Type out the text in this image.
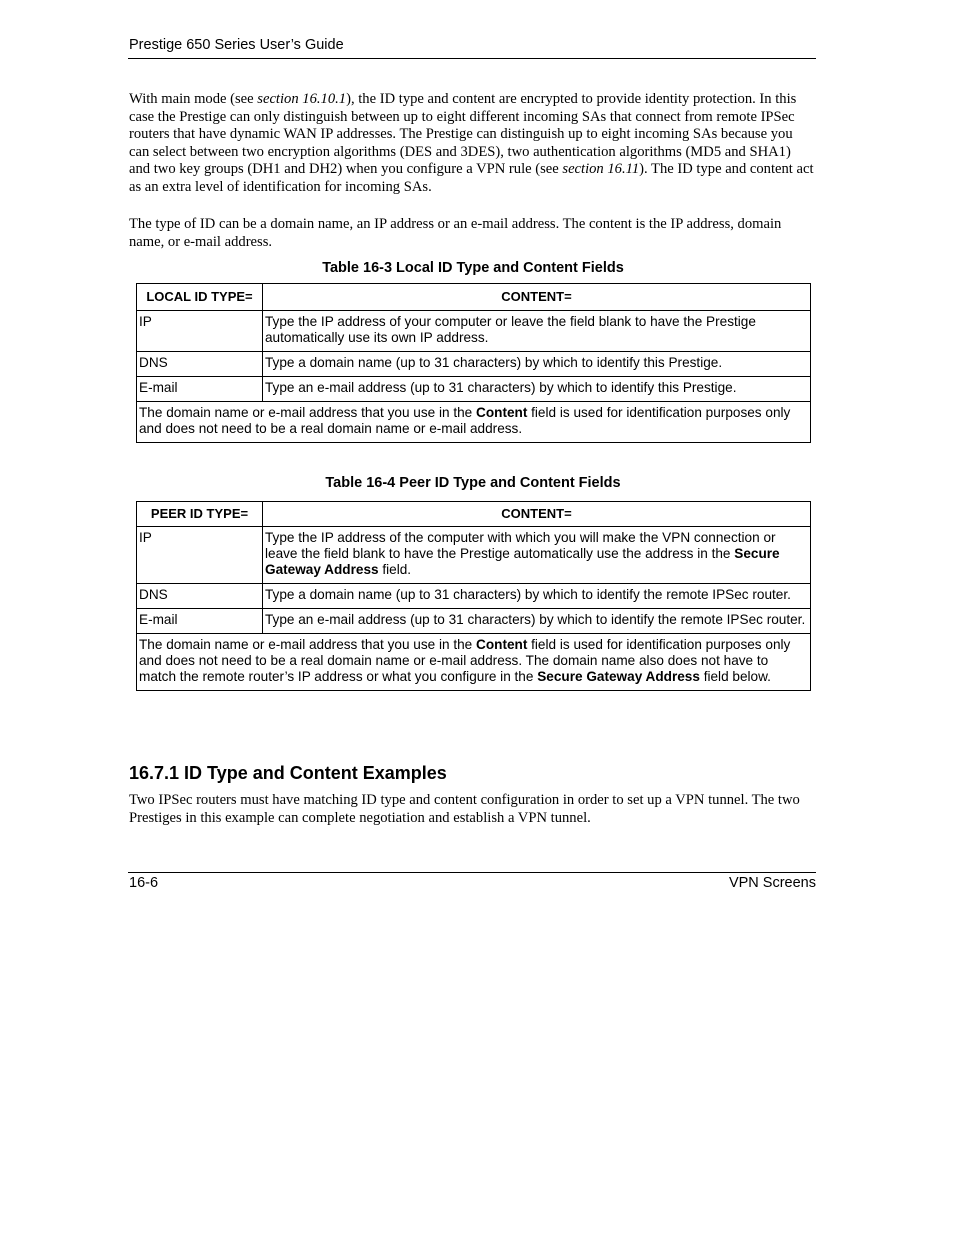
Prestige 650 Series User’s Guide
With main mode (see section 16.10.1), the ID type and content are encrypted to provide identity protection. In this case the Prestige can only distinguish between up to eight different incoming SAs that connect from remote IPSec routers that have dynamic WAN IP addresses. The Prestige can distinguish up to eight incoming SAs because you can select between two encryption algorithms (DES and 3DES), two authentication algorithms (MD5 and SHA1) and two key groups (DH1 and DH2) when you configure a VPN rule (see section 16.11). The ID type and content act as an extra level of identification for incoming SAs.
The type of ID can be a domain name, an IP address or an e-mail address. The content is the IP address, domain name, or e-mail address.
Table 16-3 Local ID Type and Content Fields
LOCAL ID TYPE=	CONTENT=
IP	Type the IP address of your computer or leave the field blank to have the Prestige automatically use its own IP address.
DNS	Type a domain name (up to 31 characters) by which to identify this Prestige.
E-mail	Type an e-mail address (up to 31 characters) by which to identify this Prestige.
The domain name or e-mail address that you use in the Content field is used for identification purposes only and does not need to be a real domain name or e-mail address.	
Table 16-4 Peer ID Type and Content Fields
PEER ID TYPE=	CONTENT=
IP	Type the IP address of the computer with which you will make the VPN connection or leave the field blank to have the Prestige automatically use the address in the Secure Gateway Address field.
DNS	Type a domain name (up to 31 characters) by which to identify the remote IPSec router.
E-mail	Type an e-mail address (up to 31 characters) by which to identify the remote IPSec router.
The domain name or e-mail address that you use in the Content field is used for identification purposes only and does not need to be a real domain name or e-mail address. The domain name also does not have to match the remote router’s IP address or what you configure in the Secure Gateway Address field below.	
16.7.1 ID Type and Content Examples
Two IPSec routers must have matching ID type and content configuration in order to set up a VPN tunnel. The two Prestiges in this example can complete negotiation and establish a VPN tunnel.
16-6	VPN Screens
